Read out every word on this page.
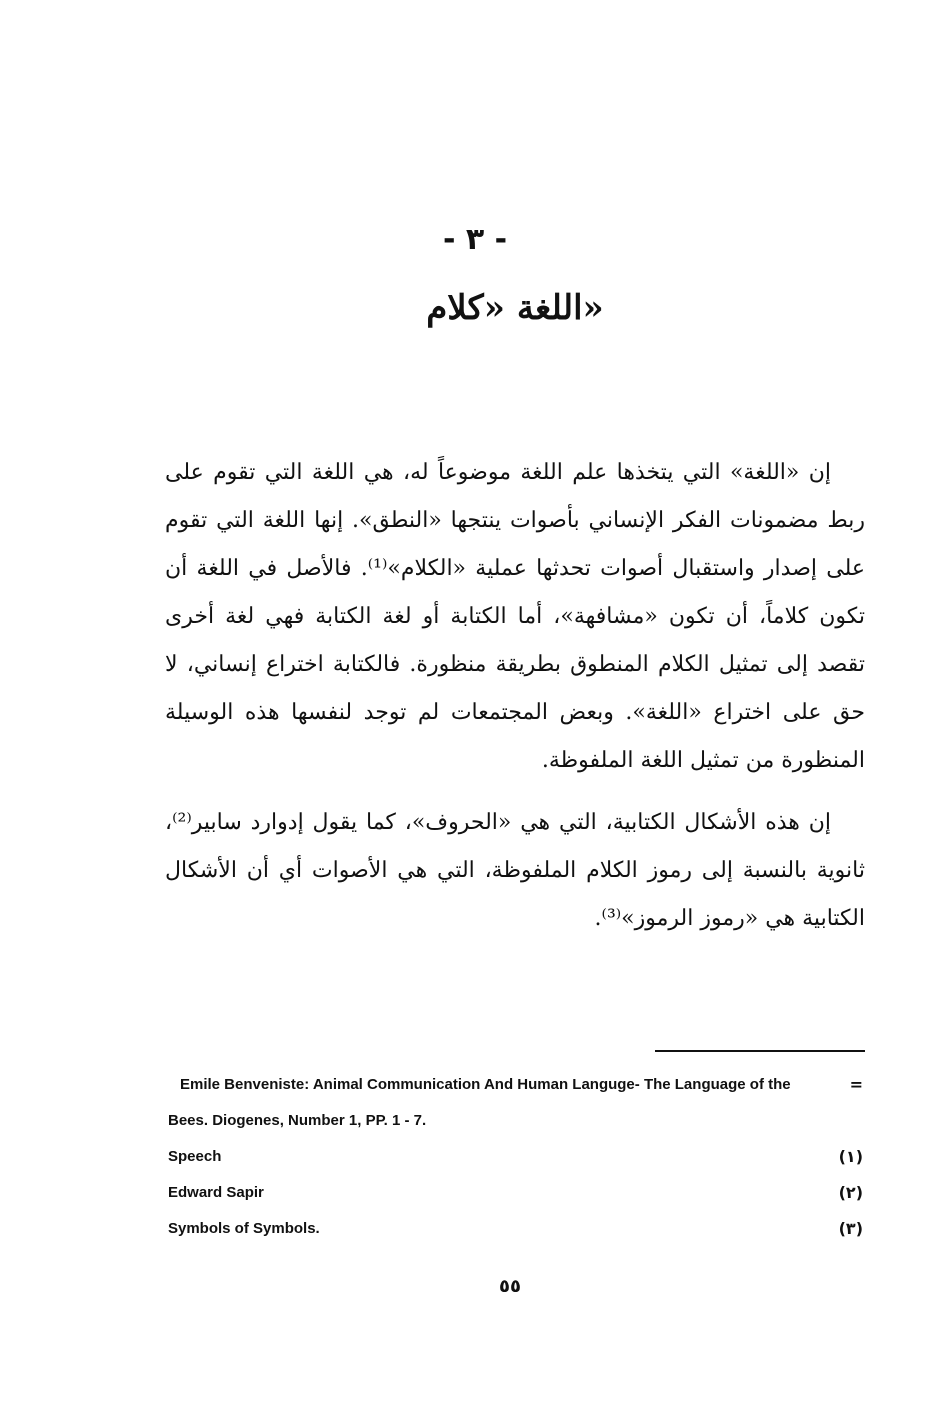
- ٣ -
اللغة «كلام»

إن «اللغة» التي يتخذها علم اللغة موضوعاً له، هي اللغة التي تقوم على ربط مضمونات الفكر الإنساني بأصوات ينتجها «النطق». إنها اللغة التي تقوم على إصدار واستقبال أصوات تحدثها عملية «الكلام»⁽¹⁾. فالأصل في اللغة أن تكون كلاماً، أن تكون «مشافهة»، أما الكتابة أو لغة الكتابة فهي لغة أخرى تقصد إلى تمثيل الكلام المنطوق بطريقة منظورة. فالكتابة اختراع إنساني، لا حق على اختراع «اللغة». وبعض المجتمعات لم توجد لنفسها هذه الوسيلة المنظورة من تمثيل اللغة الملفوظة.

إن هذه الأشكال الكتابية، التي هي «الحروف»، كما يقول إدوارد سابير⁽²⁾، ثانوية بالنسبة إلى رموز الكلام الملفوظة، التي هي الأصوات أي أن الأشكال الكتابية هي «رموز الرموز»⁽³⁾.

Emile Benveniste: Animal Communication And Human Languge- The Language of the	=
Bees. Diogenes, Number 1, PP. 1 - 7.
Speech	(١)
Edward Sapir	(٢)
Symbols of Symbols.	(٣)
٥٥
